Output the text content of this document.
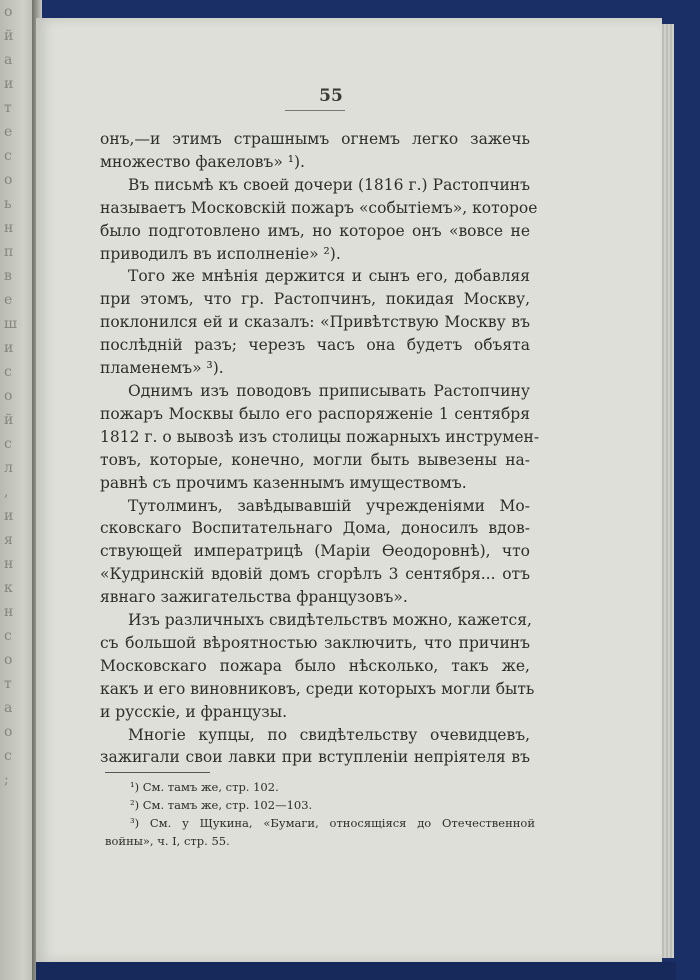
о
й
а
и
т
е
с
о
ь
н
п
в
е
ш
и
с
о
й
с
л
,
и
я
н
к
н
с
о
т
а
о
с
;
55
онъ,—и этимъ страшнымъ огнемъ легко зажечь
множество факеловъ» ¹).
Въ письмѣ къ своей дочери (1816 г.) Растопчинъ
называетъ Московскій пожаръ «событіемъ», которое
было подготовлено имъ, но которое онъ «вовсе не
приводилъ въ исполненіе» ²).
Того же мнѣнія держится и сынъ его, добавляя
при этомъ, что гр. Растопчинъ, покидая Москву,
поклонился ей и сказалъ: «Привѣтствую Москву въ
послѣдній разъ; черезъ часъ она будетъ объята
пламенемъ» ³).
Однимъ изъ поводовъ приписывать Растопчину
пожаръ Москвы было его распоряженіе 1 сентября
1812 г. о вывозѣ изъ столицы пожарныхъ инструмен-
товъ, которые, конечно, могли быть вывезены на-
равнѣ съ прочимъ казеннымъ имуществомъ.
Тутолминъ, завѣдывавшій учрежденіями Мо-
сковскаго Воспитательнаго Дома, доносилъ вдов-
ствующей императрицѣ (Маріи Ѳеодоровнѣ), что
«Кудринскій вдовій домъ сгорѣлъ 3 сентября... отъ
явнаго зажигательства французовъ».
Изъ различныхъ свидѣтельствъ можно, кажется,
съ большой вѣроятностью заключить, что причинъ
Московскаго пожара было нѣсколько, такъ же,
какъ и его виновниковъ, среди которыхъ могли быть
и русскіе, и французы.
Многіе купцы, по свидѣтельству очевидцевъ,
зажигали свои лавки при вступленіи непріятеля въ
¹) См. тамъ же, стр. 102.
²) См. тамъ же, стр. 102—103.
³) См. у Щукина, «Бумаги, относящіяся до Отечественной
войны», ч. I, стр. 55.
